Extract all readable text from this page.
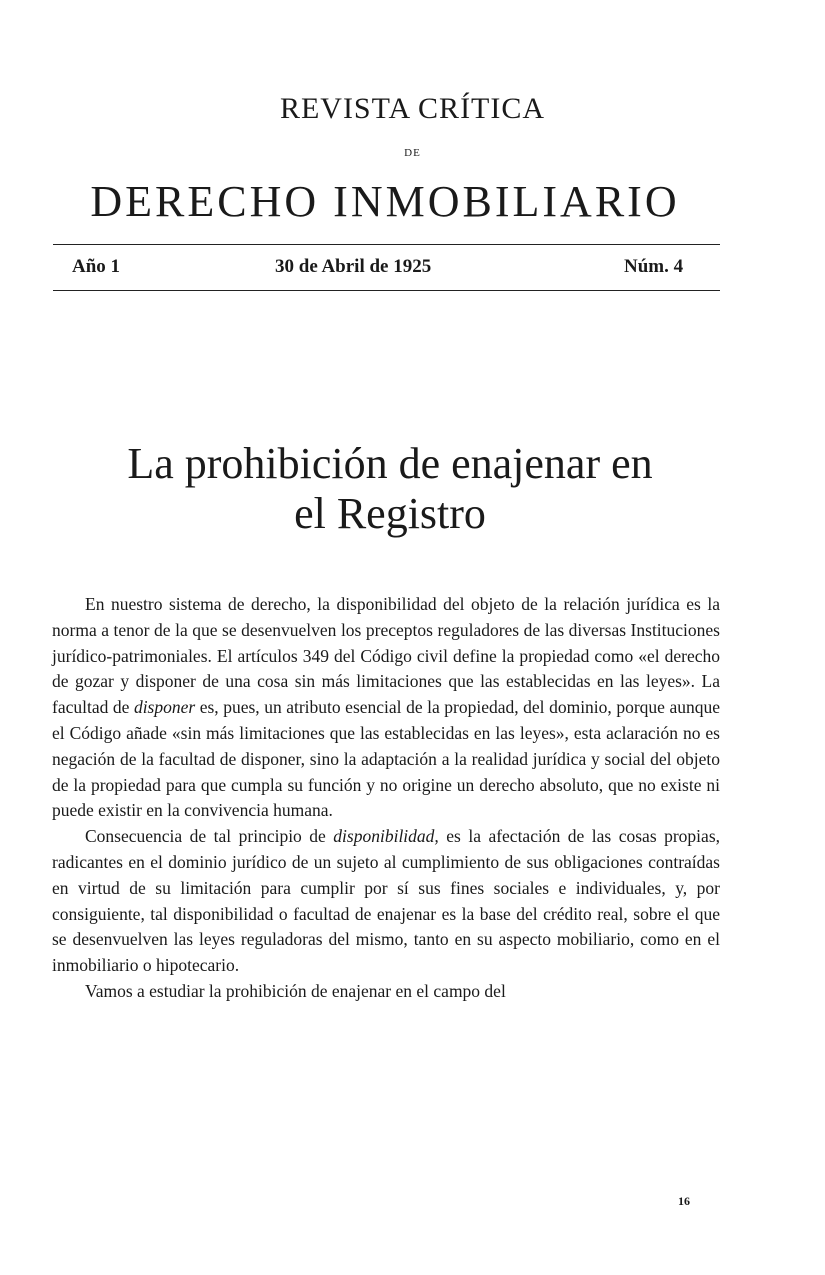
REVISTA CRÍTICA
DE
DERECHO INMOBILIARIO
Año 1	30 de Abril de 1925	Núm. 4
La prohibición de enajenar en
el Registro

En nuestro sistema de derecho, la disponibilidad del objeto de la relación jurídica es la norma a tenor de la que se desenvuelven los preceptos reguladores de las diversas Instituciones jurídico-patrimoniales. El artículos 349 del Código civil define la propiedad como «el derecho de gozar y disponer de una cosa sin más limitaciones que las establecidas en las leyes». La facultad de disponer es, pues, un atributo esencial de la propiedad, del dominio, porque aunque el Código añade «sin más limitaciones que las establecidas en las leyes», esta aclaración no es negación de la facultad de disponer, sino la adaptación a la realidad jurídica y social del objeto de la propiedad para que cumpla su función y no origine un derecho absoluto, que no existe ni puede existir en la convivencia humana.

Consecuencia de tal principio de disponibilidad, es la afectación de las cosas propias, radicantes en el dominio jurídico de un sujeto al cumplimiento de sus obligaciones contraídas en virtud de su limitación para cumplir por sí sus fines sociales e individuales, y, por consiguiente, tal disponibilidad o facultad de enajenar es la base del crédito real, sobre el que se desenvuelven las leyes reguladoras del mismo, tanto en su aspecto mobiliario, como en el inmobiliario o hipotecario.

Vamos a estudiar la prohibición de enajenar en el campo del

16
